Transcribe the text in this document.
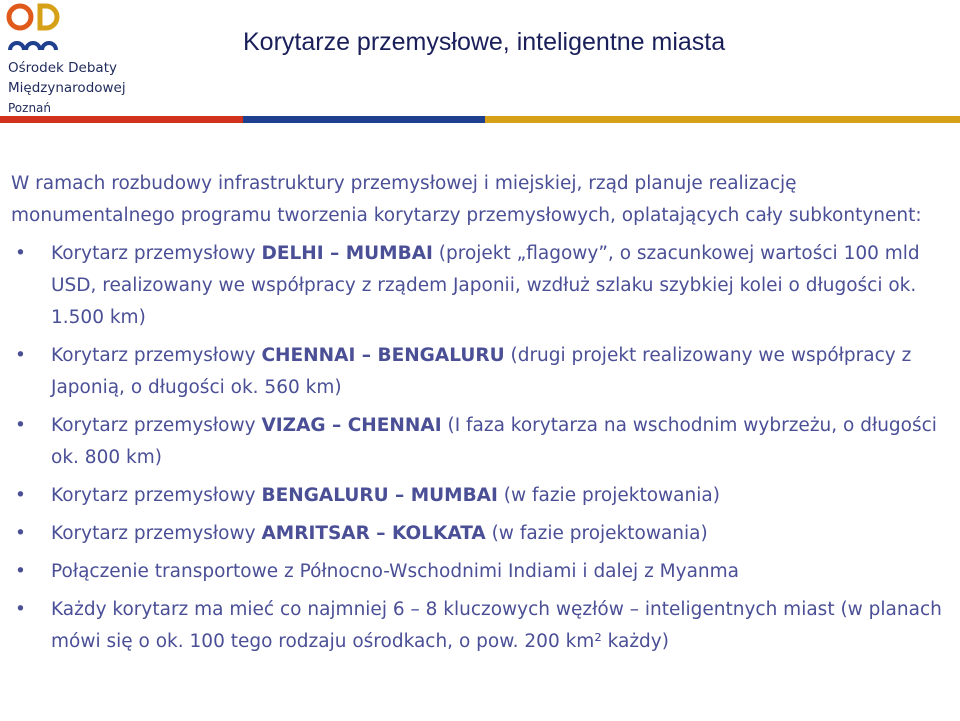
Ośrodek Debaty
Międzynarodowej
Poznań
Korytarze przemysłowe, inteligentne miasta

W ramach rozbudowy infrastruktury przemysłowej i miejskiej, rząd planuje realizację monumentalnego programu tworzenia korytarzy przemysłowych, oplatających cały subkontynent:

• Korytarz przemysłowy DELHI – MUMBAI (projekt „flagowy”, o szacunkowej wartości 100 mld USD, realizowany we współpracy z rządem Japonii, wzdłuż szlaku szybkiej kolei o długości ok. 1.500 km)
• Korytarz przemysłowy CHENNAI – BENGALURU (drugi projekt realizowany we współpracy z Japonią, o długości ok. 560 km)
• Korytarz przemysłowy VIZAG – CHENNAI (I faza korytarza na wschodnim wybrzeżu, o długości ok. 800 km)
• Korytarz przemysłowy BENGALURU – MUMBAI (w fazie projektowania)
• Korytarz przemysłowy AMRITSAR – KOLKATA (w fazie projektowania)
• Połączenie transportowe z Północno-Wschodnimi Indiami i dalej z Myanma
• Każdy korytarz ma mieć co najmniej 6 – 8 kluczowych węzłów – inteligentnych miast (w planach mówi się o ok. 100 tego rodzaju ośrodkach, o pow. 200 km² każdy)
